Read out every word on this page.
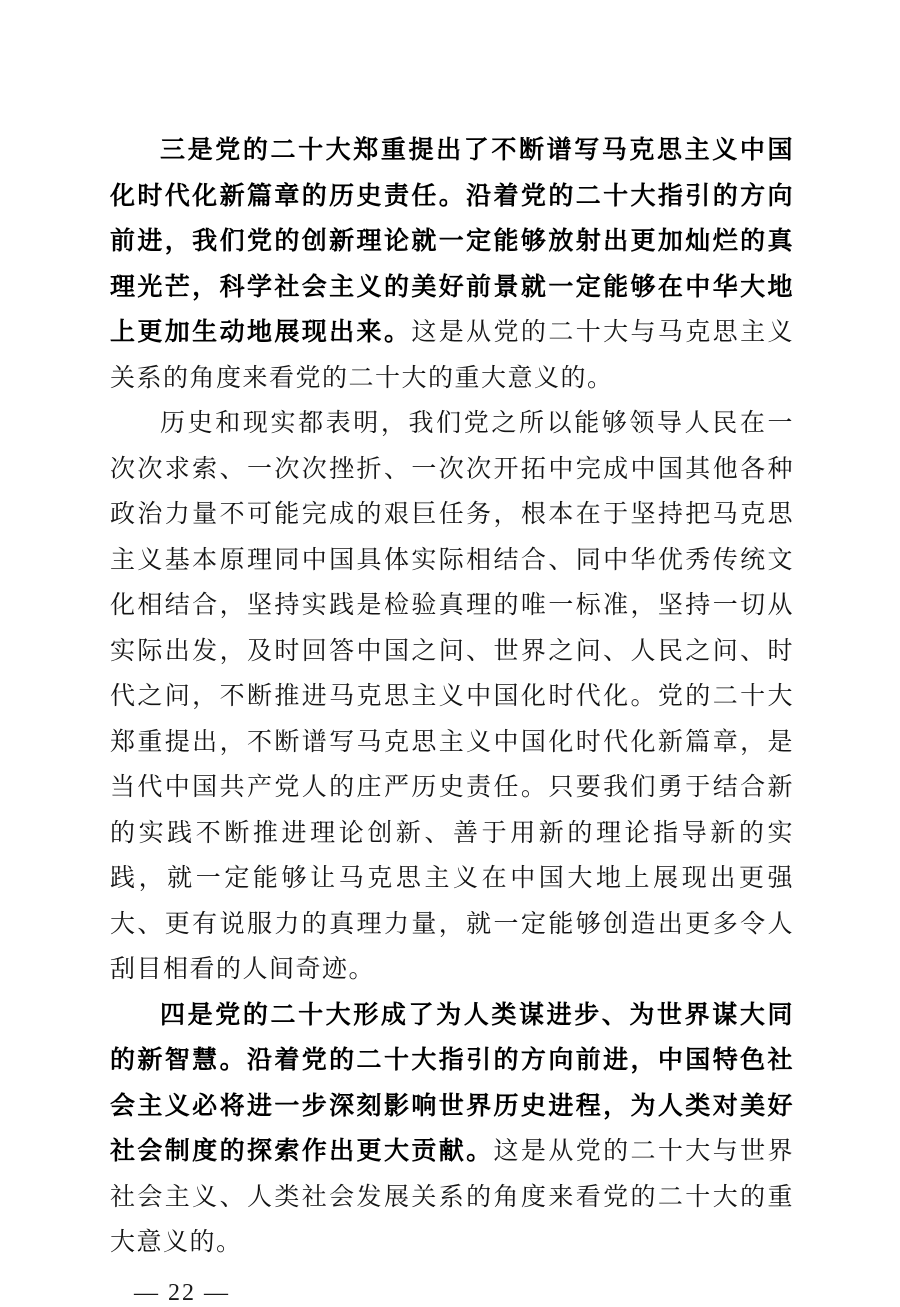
三是党的二十大郑重提出了不断谱写马克思主义中国化时代化新篇章的历史责任。沿着党的二十大指引的方向前进，我们党的创新理论就一定能够放射出更加灿烂的真理光芒，科学社会主义的美好前景就一定能够在中华大地上更加生动地展现出来。这是从党的二十大与马克思主义关系的角度来看党的二十大的重大意义的。

历史和现实都表明，我们党之所以能够领导人民在一次次求索、一次次挫折、一次次开拓中完成中国其他各种政治力量不可能完成的艰巨任务，根本在于坚持把马克思主义基本原理同中国具体实际相结合、同中华优秀传统文化相结合，坚持实践是检验真理的唯一标准，坚持一切从实际出发，及时回答中国之问、世界之问、人民之问、时代之问，不断推进马克思主义中国化时代化。党的二十大郑重提出，不断谱写马克思主义中国化时代化新篇章，是当代中国共产党人的庄严历史责任。只要我们勇于结合新的实践不断推进理论创新、善于用新的理论指导新的实践，就一定能够让马克思主义在中国大地上展现出更强大、更有说服力的真理力量，就一定能够创造出更多令人刮目相看的人间奇迹。

四是党的二十大形成了为人类谋进步、为世界谋大同的新智慧。沿着党的二十大指引的方向前进，中国特色社会主义必将进一步深刻影响世界历史进程，为人类对美好社会制度的探索作出更大贡献。这是从党的二十大与世界社会主义、人类社会发展关系的角度来看党的二十大的重大意义的。

— 22 —
